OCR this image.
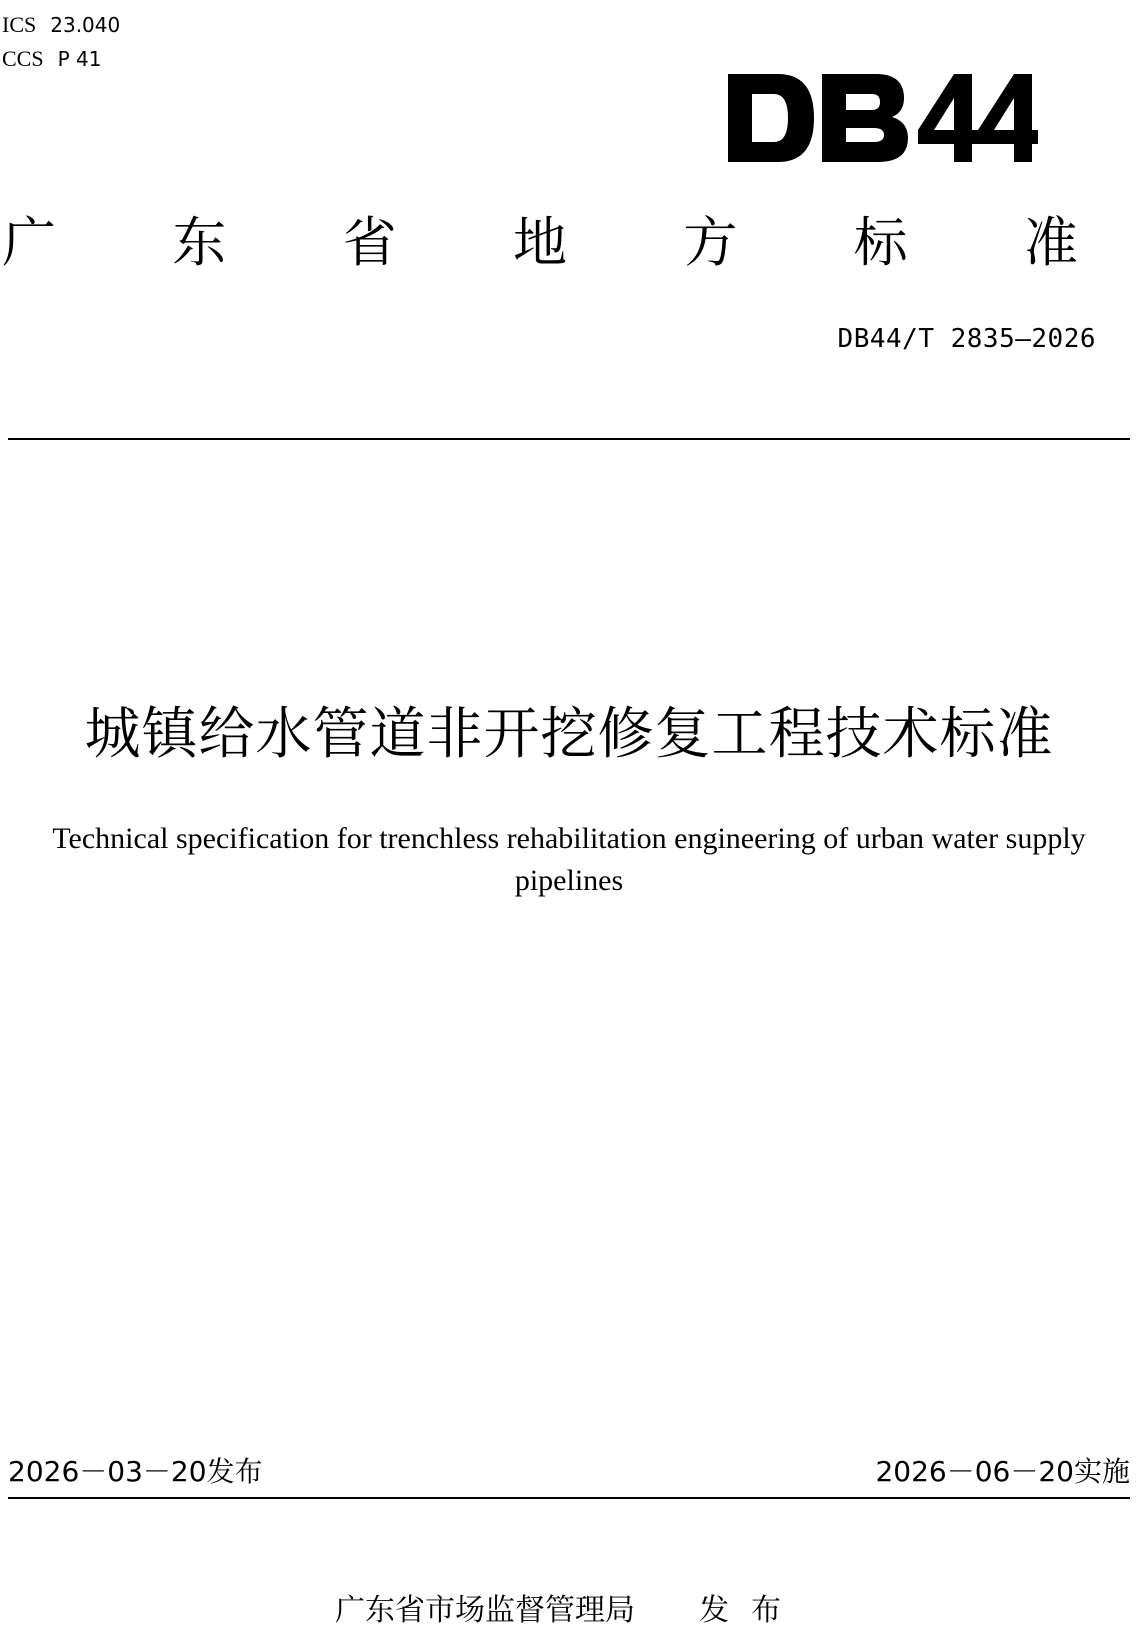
ICS 23.040
CCS P 41	DB44
广 东 省 地 方 标 准
DB44/T 2835—2026
城镇给水管道非开挖修复工程技术标准
Technical specification for trenchless rehabilitation engineering of urban water supply pipelines
2026－03－20发布	2026－06－20实施
广东省市场监督管理局 发布
